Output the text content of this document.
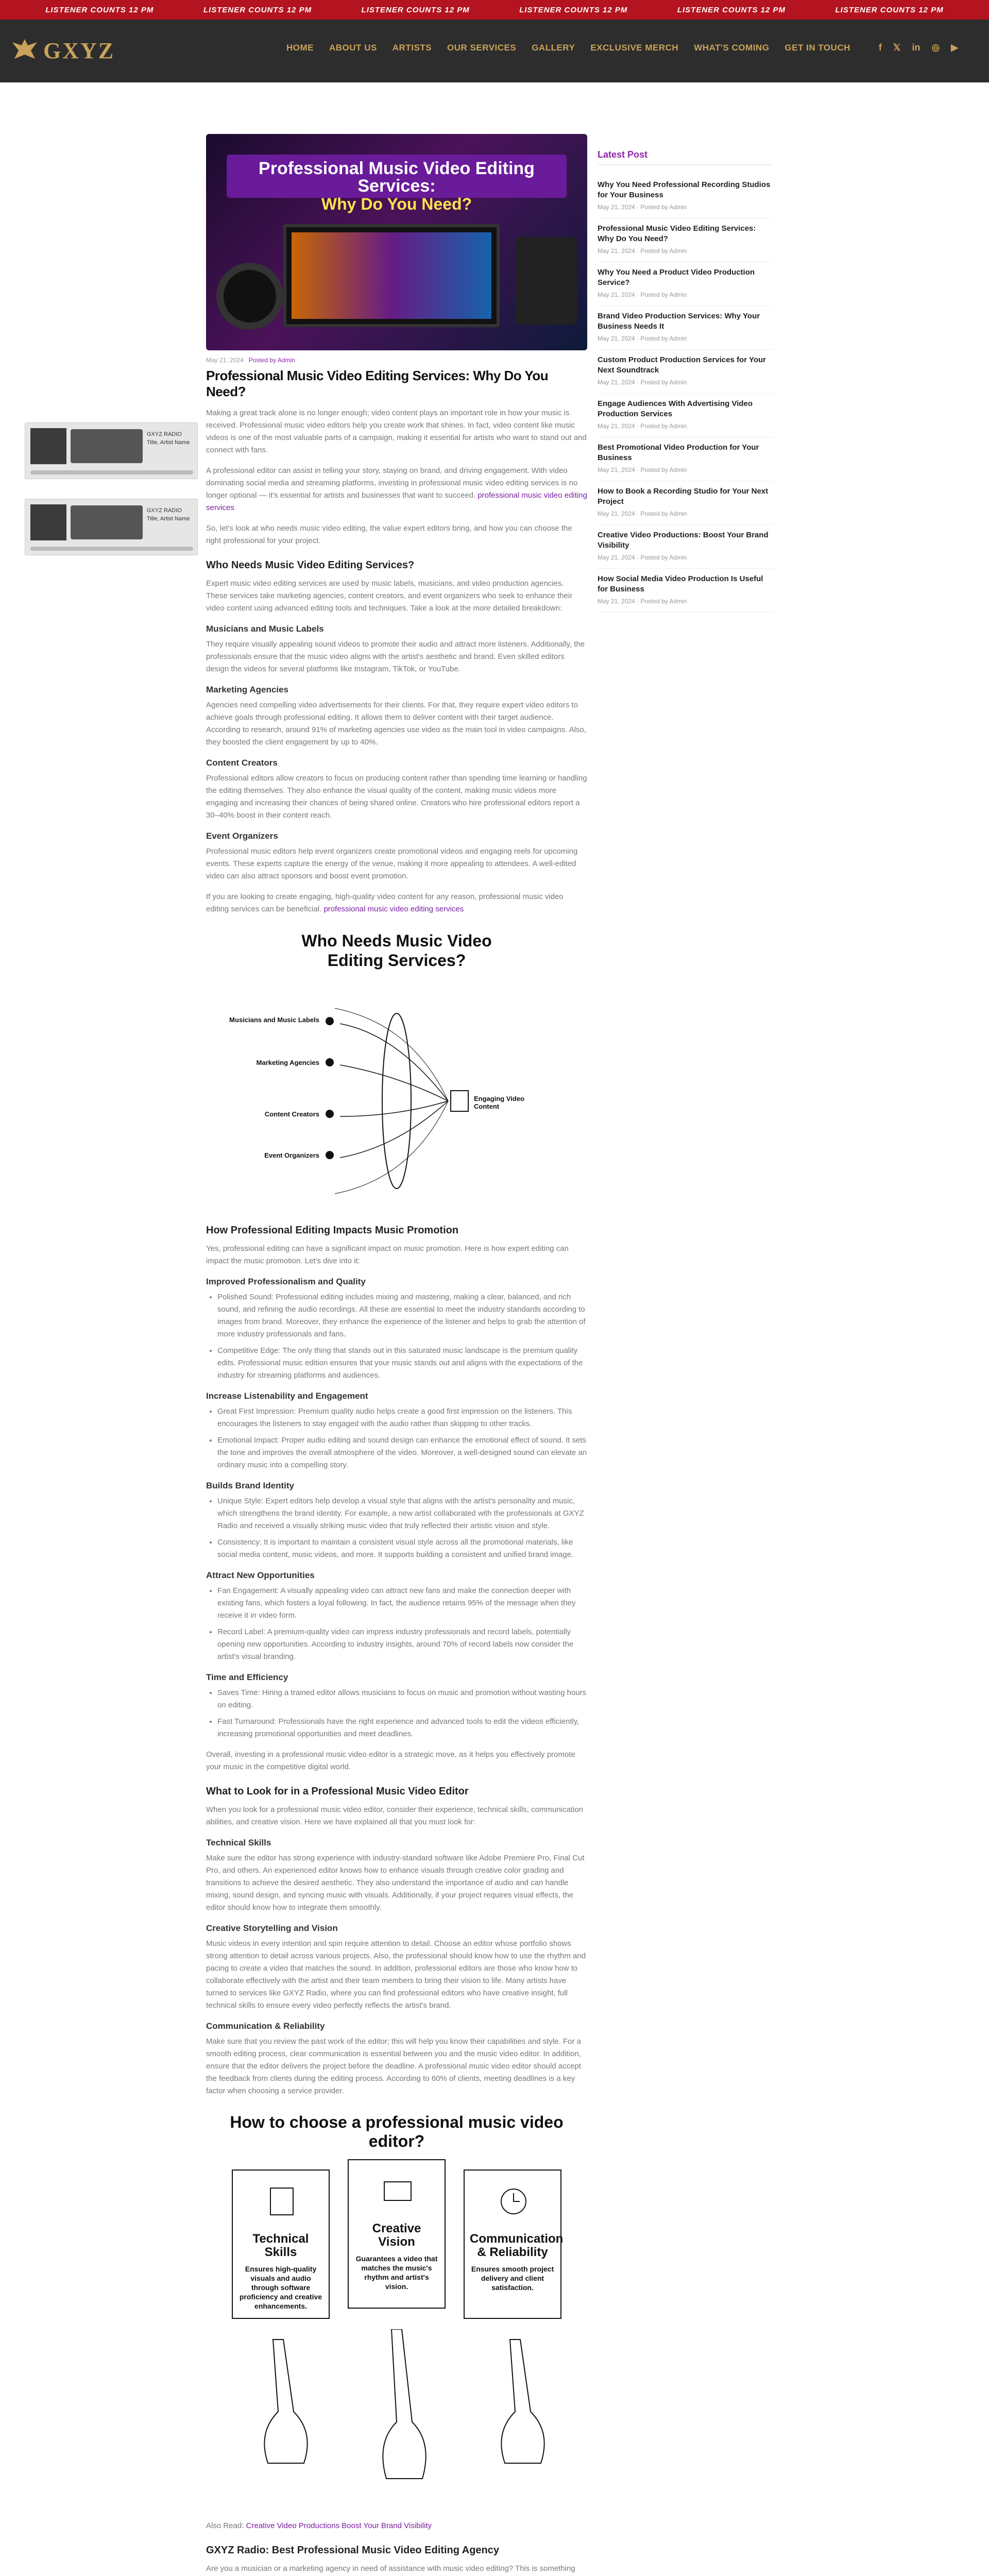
LISTENER COUNTS 12 PM	LISTENER COUNTS 12 PM	LISTENER COUNTS 12 PM	LISTENER COUNTS 12 PM	LISTENER COUNTS 12 PM	LISTENER COUNTS 12 PM
GXYZ	HOME ABOUT US ARTISTS OUR SERVICES GALLERY EXCLUSIVE MERCH WHAT'S COMING GET IN TOUCH	f 𝕏 in ◎ ▶
GXYZ RADIO
Title, Artist Name
GXYZ RADIO
Title, Artist Name
Professional Music Video Editing Services:
Why Do You Need?
May 21, 2024 Posted by Admin
Professional Music Video Editing Services: Why Do You Need?

Making a great track alone is no longer enough; video content plays an important role in how your music is received. Professional music video editors help you create work that shines. In fact, video content like music videos is one of the most valuable parts of a campaign, making it essential for artists who want to stand out and connect with fans.

A professional editor can assist in telling your story, staying on brand, and driving engagement. With video dominating social media and streaming platforms, investing in professional music video editing services is no longer optional — it's essential for artists and businesses that want to succeed. professional music video editing services

So, let's look at who needs music video editing, the value expert editors bring, and how you can choose the right professional for your project.

Who Needs Music Video Editing Services?

Expert music video editing services are used by music labels, musicians, and video production agencies. These services take marketing agencies, content creators, and event organizers who seek to enhance their video content using advanced editing tools and techniques. Take a look at the more detailed breakdown:

Musicians and Music Labels

They require visually appealing sound videos to promote their audio and attract more listeners. Additionally, the professionals ensure that the music video aligns with the artist's aesthetic and brand. Even skilled editors design the videos for several platforms like Instagram, TikTok, or YouTube.

Marketing Agencies

Agencies need compelling video advertisements for their clients. For that, they require expert video editors to achieve goals through professional editing. It allows them to deliver content with their target audience. According to research, around 91% of marketing agencies use video as the main tool in video campaigns. Also, they boosted the client engagement by up to 40%.

Content Creators

Professional editors allow creators to focus on producing content rather than spending time learning or handling the editing themselves. They also enhance the visual quality of the content, making music videos more engaging and increasing their chances of being shared online. Creators who hire professional editors report a 30–40% boost in their content reach.

Event Organizers

Professional music editors help event organizers create promotional videos and engaging reels for upcoming events. These experts capture the energy of the venue, making it more appealing to attendees. A well-edited video can also attract sponsors and boost event promotion.

If you are looking to create engaging, high-quality video content for any reason, professional music video editing services can be beneficial. professional music video editing services

Who Needs Music Video Editing Services?
Musicians and Music Labels
Marketing Agencies
Content Creators
Event Organizers
Engaging Video Content
How Professional Editing Impacts Music Promotion

Yes, professional editing can have a significant impact on music promotion. Here is how expert editing can impact the music promotion. Let's dive into it:

Improved Professionalism and Quality
• Polished Sound: Professional editing includes mixing and mastering, making a clear, balanced, and rich sound, and refining the audio recordings. All these are essential to meet the industry standards according to images from brand. Moreover, they enhance the experience of the listener and helps to grab the attention of more industry professionals and fans.
• Competitive Edge: The only thing that stands out in this saturated music landscape is the premium quality edits. Professional music edition ensures that your music stands out and aligns with the expectations of the industry for streaming platforms and audiences.
Increase Listenability and Engagement
• Great First Impression: Premium quality audio helps create a good first impression on the listeners. This encourages the listeners to stay engaged with the audio rather than skipping to other tracks.
• Emotional Impact: Proper audio editing and sound design can enhance the emotional effect of sound. It sets the tone and improves the overall atmosphere of the video. Moreover, a well-designed sound can elevate an ordinary music into a compelling story.
Builds Brand Identity
• Unique Style: Expert editors help develop a visual style that aligns with the artist's personality and music, which strengthens the brand identity. For example, a new artist collaborated with the professionals at GXYZ Radio and received a visually striking music video that truly reflected their artistic vision and style.
• Consistency: It is important to maintain a consistent visual style across all the promotional materials, like social media content, music videos, and more. It supports building a consistent and unified brand image.
Attract New Opportunities
• Fan Engagement: A visually appealing video can attract new fans and make the connection deeper with existing fans, which fosters a loyal following. In fact, the audience retains 95% of the message when they receive it in video form.
• Record Label: A premium-quality video can impress industry professionals and record labels, potentially opening new opportunities. According to industry insights, around 70% of record labels now consider the artist's visual branding.
Time and Efficiency
• Saves Time: Hiring a trained editor allows musicians to focus on music and promotion without wasting hours on editing.
• Fast Turnaround: Professionals have the right experience and advanced tools to edit the videos efficiently, increasing promotional opportunities and meet deadlines.

Overall, investing in a professional music video editor is a strategic move, as it helps you effectively promote your music in the competitive digital world.

What to Look for in a Professional Music Video Editor

When you look for a professional music video editor, consider their experience, technical skills, communication abilities, and creative vision. Here we have explained all that you must look for:

Technical Skills

Make sure the editor has strong experience with industry-standard software like Adobe Premiere Pro, Final Cut Pro, and others. An experienced editor knows how to enhance visuals through creative color grading and transitions to achieve the desired aesthetic. They also understand the importance of audio and can handle mixing, sound design, and syncing music with visuals. Additionally, if your project requires visual effects, the editor should know how to integrate them smoothly.

Creative Storytelling and Vision

Music videos in every intention and spin require attention to detail. Choose an editor whose portfolio shows strong attention to detail across various projects. Also, the professional should know how to use the rhythm and pacing to create a video that matches the sound. In addition, professional editors are those who know how to collaborate effectively with the artist and their team members to bring their vision to life. Many artists have turned to services like GXYZ Radio, where you can find professional editors who have creative insight, full technical skills to ensure every video perfectly reflects the artist's brand.

Communication & Reliability

Make sure that you review the past work of the editor; this will help you know their capabilities and style. For a smooth editing process, clear communication is essential between you and the music video editor. In addition, ensure that the editor delivers the project before the deadline. A professional music video editor should accept the feedback from clients during the editing process. According to 60% of clients, meeting deadlines is a key factor when choosing a service provider.

How to choose a professional music video editor?
Technical Skills

Ensures high-quality visuals and audio through software proficiency and creative enhancements.

Creative Vision

Guarantees a video that matches the music's rhythm and artist's vision.

Communication & Reliability

Ensures smooth project delivery and client satisfaction.

Also Read: Creative Video Productions Boost Your Brand Visibility

GXYZ Radio: Best Professional Music Video Editing Agency

Are you a musician or a marketing agency in need of assistance with music video editing? This is something

Latest Post
Why You Need Professional Recording Studios for Your Business
May 21, 2024 · Posted by Admin
Professional Music Video Editing Services: Why Do You Need?
May 21, 2024 · Posted by Admin
Why You Need a Product Video Production Service?
May 21, 2024 · Posted by Admin
Brand Video Production Services: Why Your Business Needs It
May 21, 2024 · Posted by Admin
Custom Product Production Services for Your Next Soundtrack
May 21, 2024 · Posted by Admin
Engage Audiences With Advertising Video Production Services
May 21, 2024 · Posted by Admin
Best Promotional Video Production for Your Business
May 21, 2024 · Posted by Admin
How to Book a Recording Studio for Your Next Project
May 21, 2024 · Posted by Admin
Creative Video Productions: Boost Your Brand Visibility
May 21, 2024 · Posted by Admin
How Social Media Video Production Is Useful for Business
May 21, 2024 · Posted by Admin
